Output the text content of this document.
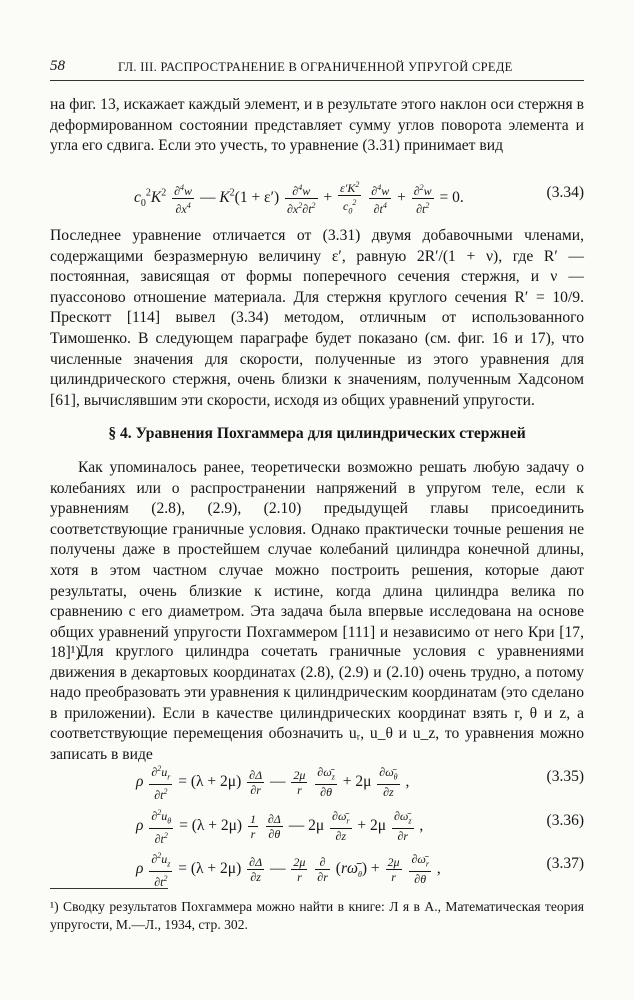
58	ГЛ. III. РАСПРОСТРАНЕНИЕ В ОГРАНИЧЕННОЙ УПРУГОЙ СРЕДЕ

на фиг. 13, искажает каждый элемент, и в результате этого наклон оси стержня в деформированном состоянии представляет сумму углов поворота элемента и угла его сдвига. Если это учесть, то уравнение (3.31) принимает вид

$c_0^2K^2 \frac{\partial^4w}{\partial x^4}$ — $K^2(1 + \varepsilon') \frac{\partial^4w}{\partial x^2\partial t^2} + \frac{\varepsilon'K^2}{c_0^2}$
$\frac{\partial^4w}{\partial t^4} + \frac{\partial^2w}{\partial t^2} = 0$.	(3.34)

Последнее уравнение отличается от (3.31) двумя добавочными членами, содержащими безразмерную величину ε′, равную 2R′/(1 + ν), где R′ — постоянная, зависящая от формы поперечного сечения стержня, и ν — пуассоново отношение материала. Для стержня круглого сечения R′ = 10/9. Прескотт [114] вывел (3.34) методом, отличным от использованного Тимошенко. В следующем параграфе будет показано (см. фиг. 16 и 17), что численные значения для скорости, полученные из этого уравнения для цилиндрического стержня, очень близки к значениям, полученным Хадсоном [61], вычислявшим эти скорости, исходя из общих уравнений упругости.

§ 4. Уравнения Похгаммера для цилиндрических стержней

Как упоминалось ранее, теоретически возможно решать любую задачу о колебаниях или о распространении напряжений в упругом теле, если к уравнениям (2.8), (2.9), (2.10) предыдущей главы присоединить соответствующие граничные условия. Однако практически точные решения не получены даже в простейшем случае колебаний цилиндра конечной длины, хотя в этом частном случае можно построить решения, которые дают результаты, очень близкие к истине, когда длина цилиндра велика по сравнению с его диаметром. Эта задача была впервые исследована на основе общих уравнений упругости Похгаммером [111] и независимо от него Кри [17, 18]¹).

Для круглого цилиндра сочетать граничные условия с уравнениями движения в декартовых координатах (2.8), (2.9) и (2.10) очень трудно, а потому надо преобразовать эти уравнения к цилиндрическим координатам (это сделано в приложении). Если в качестве цилиндрических координат взять r, θ и z, а соответствующие перемещения обозначить uᵣ, u_θ и u_z, то уравнения можно записать в виде

ρ $\frac{\partial^2u_r}{\partial t^2} = (\lambda + 2\mu) \frac{\partial\Delta}{\partial r}$ — $\frac{2\mu}{r}$
$\frac{\partial\omegā_z}{\partial\theta} + 2\mu \frac{\partial\omegā_\theta}{\partial z}$ ,	(3.35)
ρ $\frac{\partial^2u_\theta}{\partial t^2} = (\lambda + 2\mu) \frac{1}{r}$
$\frac{\partial\Delta}{\partial\theta}$ — $2\mu \frac{\partial\omegā_r}{\partial z} + 2\mu \frac{\partial\omegā_z}{\partial r}$ ,	(3.36)
ρ $\frac{\partial^2u_z}{\partial t^2} = (\lambda + 2\mu) \frac{\partial\Delta}{\partial z}$ — $\frac{2\mu}{r}$
$\frac{\partial}{\partial r}$ $(r\omegā_\theta) + \frac{2\mu}{r}$
$\frac{\partial\omegā_r}{\partial\theta}$ ,	(3.37)

¹) Сводку результатов Похгаммера можно найти в книге: Л я в А., Математическая теория упругости, М.—Л., 1934, стр. 302.
